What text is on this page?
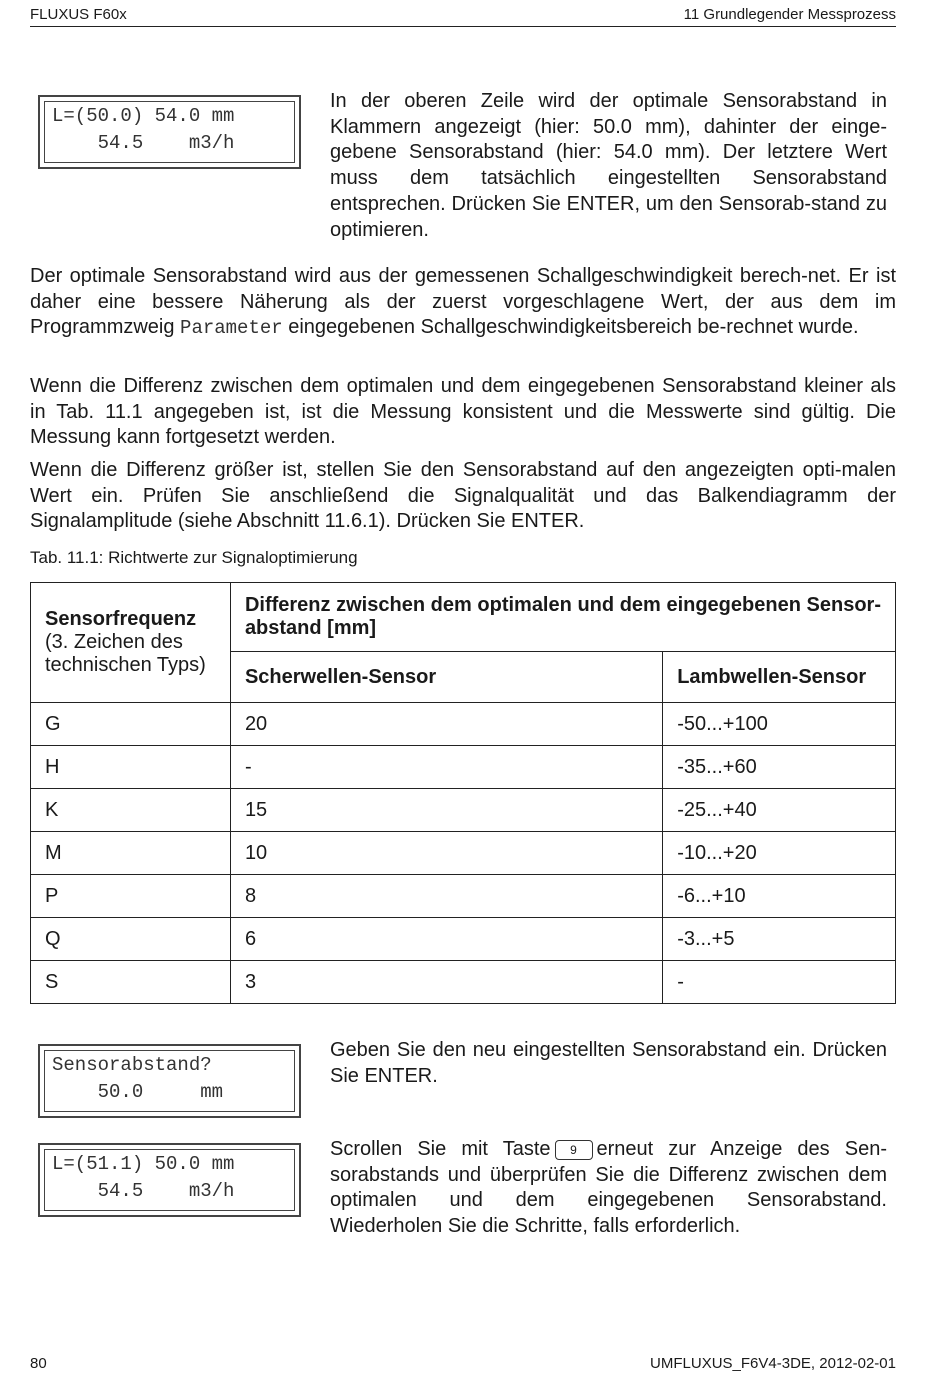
FLUXUS F60x	11 Grundlegender Messprozess
L=(50.0) 54.0 mm
54.5    m3/h
In der oberen Zeile wird der optimale Sensorabstand in Klammern angezeigt (hier: 50.0 mm), dahinter der einge-gebene Sensorabstand (hier: 54.0 mm). Der letztere Wert muss dem tatsächlich eingestellten Sensorabstand entsprechen. Drücken Sie ENTER, um den Sensorab-stand zu optimieren.
Der optimale Sensorabstand wird aus der gemessenen Schallgeschwindigkeit berech-net. Er ist daher eine bessere Näherung als der zuerst vorgeschlagene Wert, der aus dem im Programmzweig Parameter eingegebenen Schallgeschwindigkeitsbereich be-rechnet wurde.
Wenn die Differenz zwischen dem optimalen und dem eingegebenen Sensorabstand kleiner als in Tab. 11.1 angegeben ist, ist die Messung konsistent und die Messwerte sind gültig. Die Messung kann fortgesetzt werden.
Wenn die Differenz größer ist, stellen Sie den Sensorabstand auf den angezeigten opti-malen Wert ein. Prüfen Sie anschließend die Signalqualität und das Balkendiagramm der Signalamplitude (siehe Abschnitt 11.6.1). Drücken Sie ENTER.
Tab. 11.1: Richtwerte zur Signaloptimierung
Sensorfrequenz
(3. Zeichen des technischen Typs)	Differenz zwischen dem optimalen und dem eingegebenen Sensor-abstand [mm]	
	Scherwellen-Sensor	Lambwellen-Sensor
G	20	-50...+100
H	-	-35...+60
K	15	-25...+40
M	10	-10...+20
P	8	-6...+10
Q	6	-3...+5
S	3	-
Sensorabstand?
50.0     mm
Geben Sie den neu eingestellten Sensorabstand ein. Drücken Sie ENTER.
L=(51.1) 50.0 mm
54.5    m3/h
Scrollen Sie mit Taste 9 erneut zur Anzeige des Sen-sorabstands und überprüfen Sie die Differenz zwischen dem optimalen und dem eingegebenen Sensorabstand. Wiederholen Sie die Schritte, falls erforderlich.
80	UMFLUXUS_F6V4-3DE, 2012-02-01
